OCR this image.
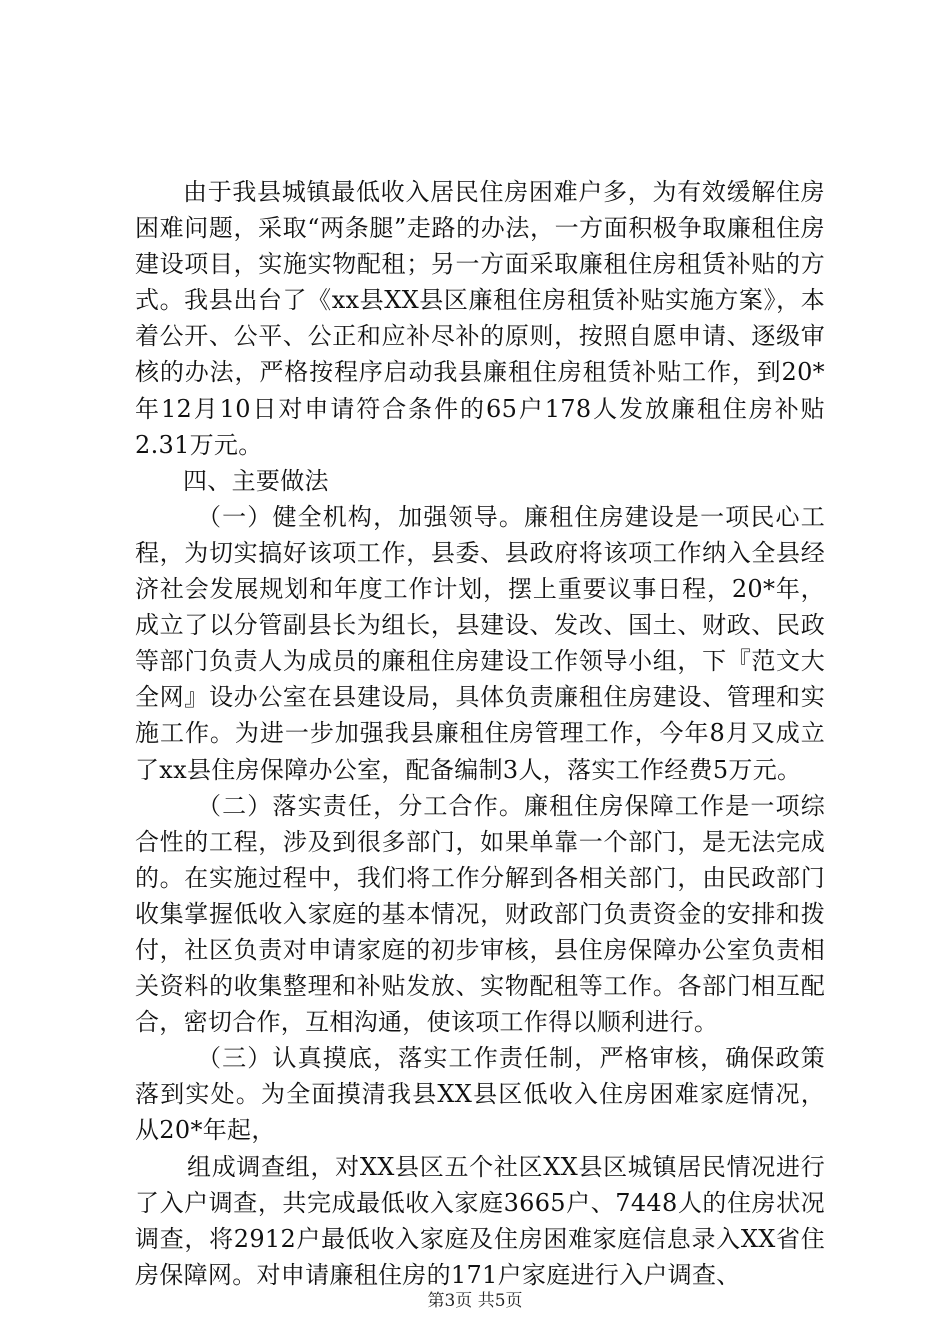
由于我县城镇最低收入居民住房困难户多，为有效缓解住房困难问题，采取“两条腿”走路的办法，一方面积极争取廉租住房建设项目，实施实物配租；另一方面采取廉租住房租赁补贴的方式。我县出台了《xx县XX县区廉租住房租赁补贴实施方案》，本着公开、公平、公正和应补尽补的原则，按照自愿申请、逐级审核的办法，严格按程序启动我县廉租住房租赁补贴工作，到20*年12月10日对申请符合条件的65户178人发放廉租住房补贴2.31万元。

四、主要做法

（一）健全机构，加强领导。廉租住房建设是一项民心工程，为切实搞好该项工作，县委、县政府将该项工作纳入全县经济社会发展规划和年度工作计划，摆上重要议事日程，20*年，成立了以分管副县长为组长，县建设、发改、国土、财政、民政等部门负责人为成员的廉租住房建设工作领导小组，下『范文大全网』设办公室在县建设局，具体负责廉租住房建设、管理和实施工作。为进一步加强我县廉租住房管理工作，今年8月又成立了xx县住房保障办公室，配备编制3人，落实工作经费5万元。

（二）落实责任，分工合作。廉租住房保障工作是一项综合性的工程，涉及到很多部门，如果单靠一个部门，是无法完成的。在实施过程中，我们将工作分解到各相关部门，由民政部门收集掌握低收入家庭的基本情况，财政部门负责资金的安排和拨付，社区负责对申请家庭的初步审核，县住房保障办公室负责相关资料的收集整理和补贴发放、实物配租等工作。各部门相互配合，密切合作，互相沟通，使该项工作得以顺利进行。

（三）认真摸底，落实工作责任制，严格审核，确保政策落到实处。为全面摸清我县XX县区低收入住房困难家庭情况，从20*年起，

组成调查组，对XX县区五个社区XX县区城镇居民情况进行了入户调查，共完成最低收入家庭3665户、7448人的住房状况调查，将2912户最低收入家庭及住房困难家庭信息录入XX省住房保障网。对申请廉租住房的171户家庭进行入户调查、

第3页 共5页
